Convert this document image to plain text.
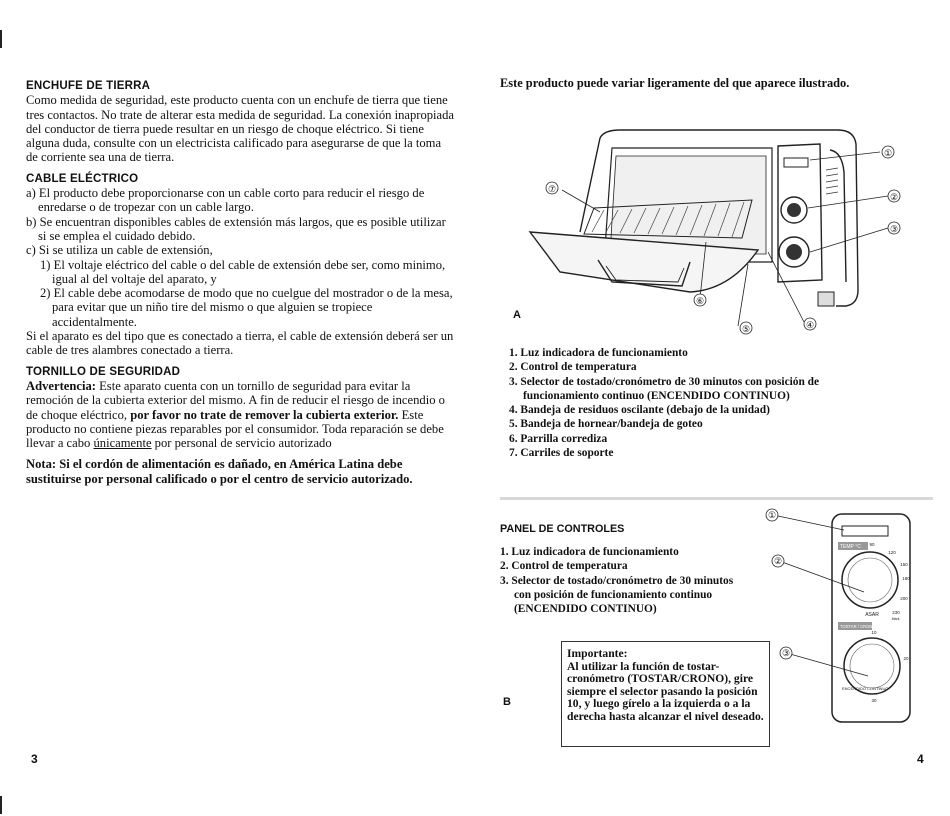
ENCHUFE DE TIERRA

Como medida de seguridad, este producto cuenta con un enchufe de tierra que tiene tres contactos. No trate de alterar esta medida de seguridad. La conexión inapropiada del conductor de tierra puede resultar en un riesgo de choque eléctrico. Si tiene alguna duda, consulte con un electricista calificado para asegurarse de que la toma de corriente sea una de tierra.

CABLE ELÉCTRICO

a) El producto debe proporcionarse con un cable corto para reducir el riesgo de enredarse o de tropezar con un cable largo.

b) Se encuentran disponibles cables de extensión más largos, que es posible utilizar si se emplea el cuidado debido.

c) Si se utiliza un cable de extensión,

1) El voltaje eléctrico del cable o del cable de extensión debe ser, como minimo, igual al del voltaje del aparato, y

2) El cable debe acomodarse de modo que no cuelgue del mostrador o de la mesa, para evitar que un niño tire del mismo o que alguien se tropiece accidentalmente.

Si el aparato es del tipo que es conectado a tierra, el cable de extensión deberá ser un cable de tres alambres conectado a tierra.

TORNILLO DE SEGURIDAD

Advertencia: Este aparato cuenta con un tornillo de seguridad para evitar la remoción de la cubierta exterior del mismo. A fin de reducir el riesgo de incendio o de choque eléctrico, por favor no trate de remover la cubierta exterior. Este producto no contiene piezas reparables por el consumidor. Toda reparación se debe llevar a cabo únicamente por personal de servicio autorizado

Nota: Si el cordón de alimentación es dañado, en América Latina debe sustituirse por personal calificado o por el centro de servicio autorizado.

3
Este producto puede variar ligeramente del que aparece ilustrado.
①
②
③
④
⑤
⑥
⑦
A
1. Luz indicadora de funcionamiento
2. Control de temperatura
3. Selector de tostado/cronómetro de 30 minutos con posición de funcionamiento continuo (ENCENDIDO CONTINUO)
4. Bandeja de residuos oscilante (debajo de la unidad)
5. Bandeja de hornear/bandeja de goteo
6. Parrilla corrediza
7. Carriles de soporte
PANEL DE CONTROLES
1. Luz indicadora de funcionamiento
2. Control de temperatura
3. Selector de tostado/cronómetro de 30 minutos con posición de funcionamiento continuo (ENCENDIDO CONTINUO)
B
Importante:
Al utilizar la función de tostar-cronómetro (TOSTAR/CRONO), gire siempre el selector pasando la posición 10, y luego gírelo a la izquierda o a la derecha hasta alcanzar el nivel deseado.
TEMP °C 90
120
150
180
200
230
Mant.
ASAR
TOSTAR / CRONO
10
20
30
ENCENDIDO CONTINUO
①
②
③
4
